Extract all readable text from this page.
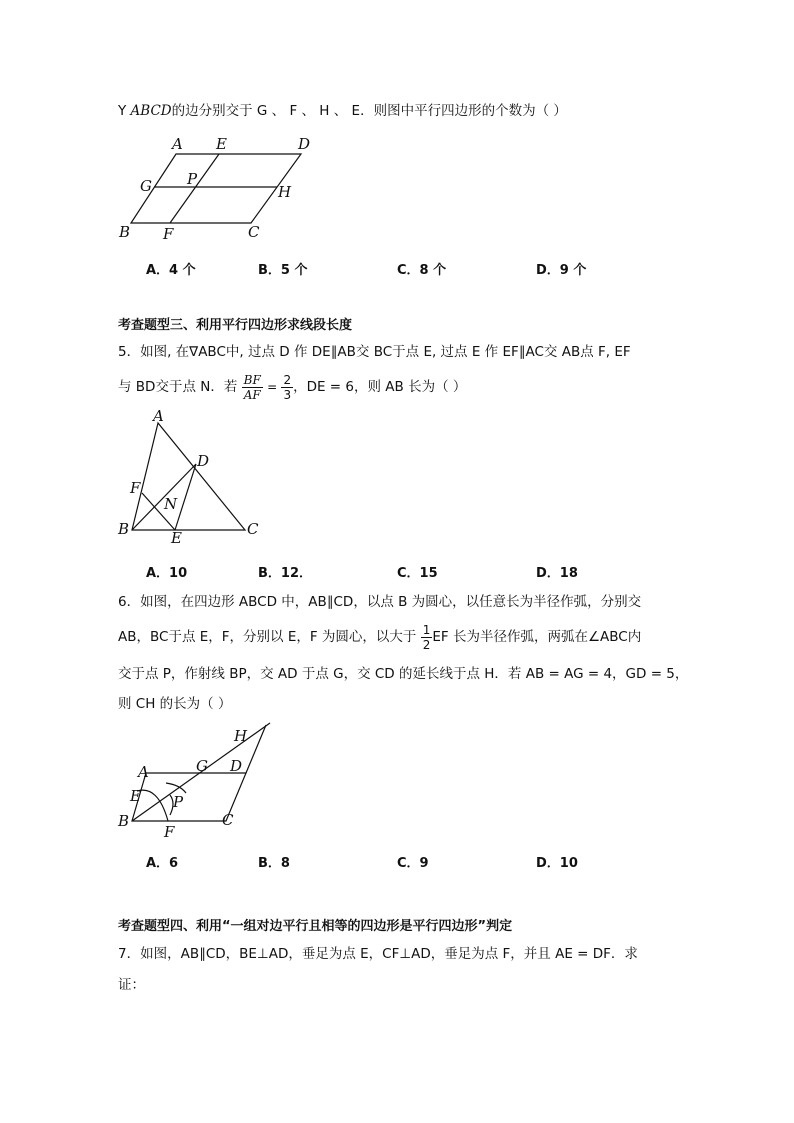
Y ABCD的边分别交于 G 、 F 、 H 、 E．则图中平行四边形的个数为（ ）
A E	D
G P
H
B F	C
A．4 个	B．5 个	C．8 个	D．9 个
考查题型三、利用平行四边形求线段长度
5．如图, 在∇ABC中, 过点 D 作 DE∥AB交 BC于点 E, 过点 E 作 EF∥AC交 AB点 F, EF
与 BD交于点 N．若 $\frac{BF}{AF} = \frac{2}{3}$ ，DE = 6，则 AB 长为（ ）
A
D
F
N
B	E	C
A．10	B．12．	C．15	D．18
6．如图，在四边形 ABCD 中，AB∥CD，以点 B 为圆心，以任意长为半径作弧，分别交
AB，BC于点 E，F，分别以 E，F 为圆心，以大于 $\frac{1}{2}$ EF 长为半径作弧，两弧在∠ABC内
交于点 P，作射线 BP，交 AD 于点 G，交 CD 的延长线于点 H．若 AB = AG = 4，GD = 5，
则 CH 的长为（ ）
H
A	G D
E P
B
F
C
A．6	B．8	C．9	D．10
考查题型四、利用“一组对边平行且相等的四边形是平行四边形”判定
7．如图，AB∥CD，BE⊥AD，垂足为点 E，CF⊥AD，垂足为点 F，并且 AE = DF．求
证：
